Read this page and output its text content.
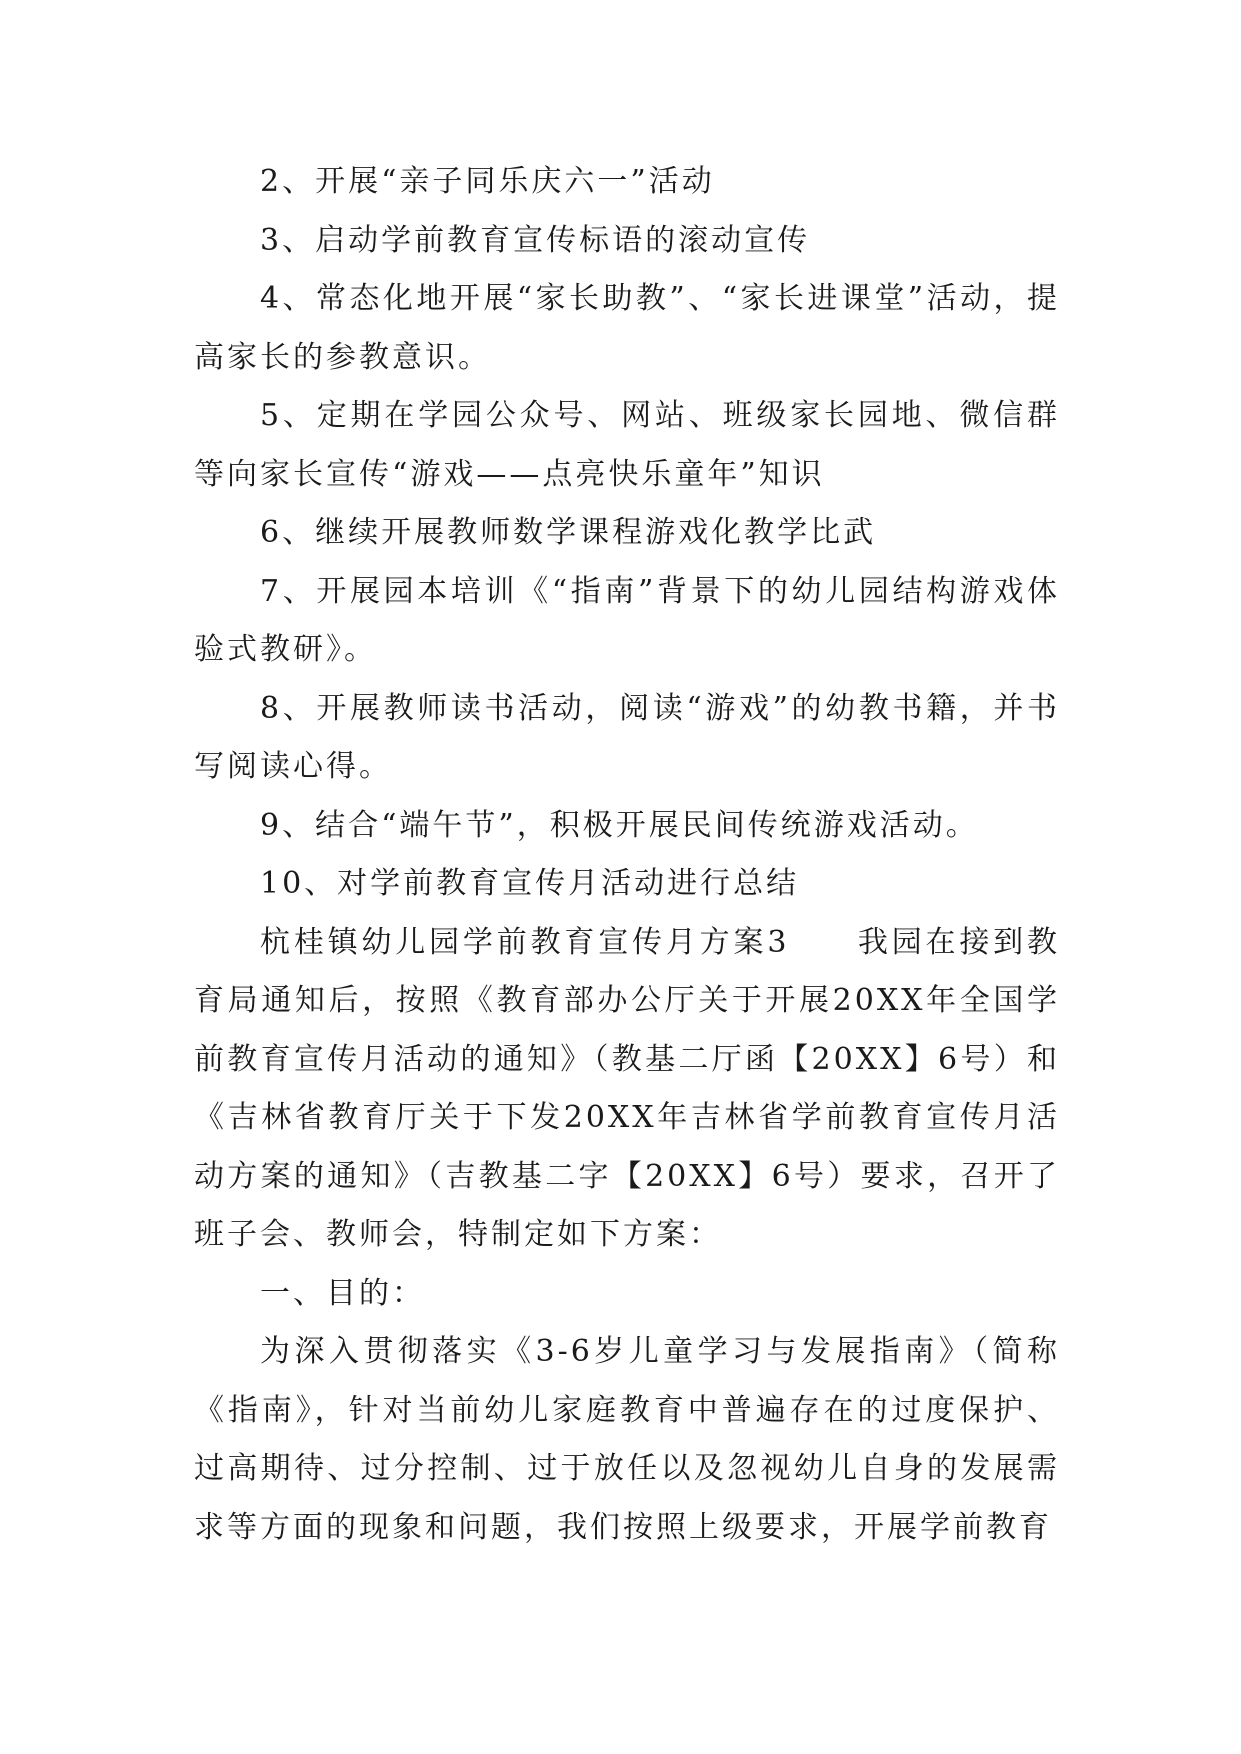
2、开展“亲子同乐庆六一”活动

3、启动学前教育宣传标语的滚动宣传

4、常态化地开展“家长助教”、“家长进课堂”活动，提高家长的参教意识。

5、定期在学园公众号、网站、班级家长园地、微信群等向家长宣传“游戏——点亮快乐童年”知识

6、继续开展教师数学课程游戏化教学比武

7、开展园本培训《“指南”背景下的幼儿园结构游戏体验式教研》。

8、开展教师读书活动，阅读“游戏”的幼教书籍，并书写阅读心得。

9、结合“端午节”，积极开展民间传统游戏活动。

10、对学前教育宣传月活动进行总结

杭桂镇幼儿园学前教育宣传月方案3　　我园在接到教育局通知后，按照《教育部办公厅关于开展20XX年全国学前教育宣传月活动的通知》（教基二厅函【20XX】6号）和《吉林省教育厅关于下发20XX年吉林省学前教育宣传月活动方案的通知》（吉教基二字【20XX】6号）要求，召开了班子会、教师会，特制定如下方案：

一、目的：

为深入贯彻落实《3-6岁儿童学习与发展指南》（简称《指南》，针对当前幼儿家庭教育中普遍存在的过度保护、过高期待、过分控制、过于放任以及忽视幼儿自身的发展需求等方面的现象和问题，我们按照上级要求，开展学前教育
